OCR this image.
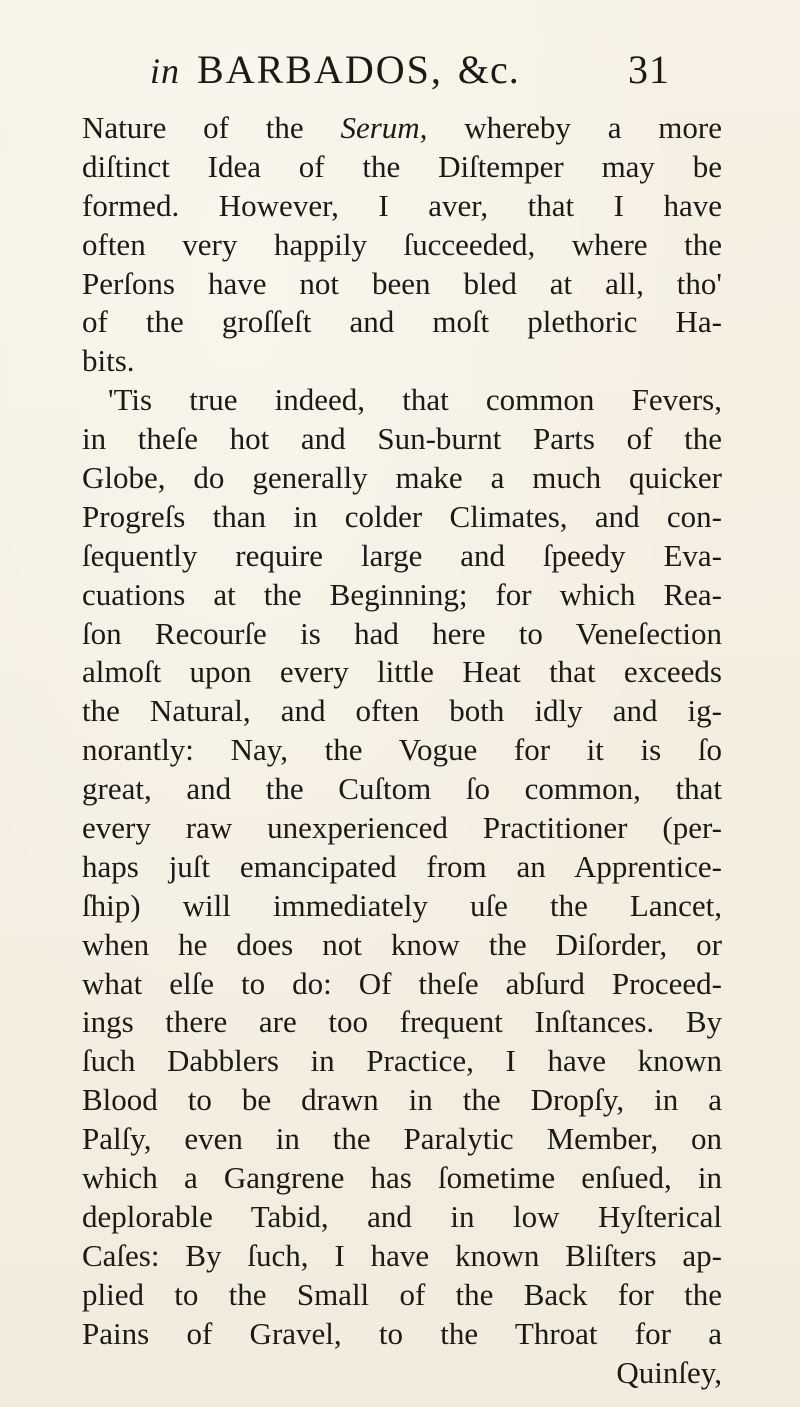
in BARBADOS, &c.	31
Nature of the Serum, whereby a more
diſtinct Idea of the Diſtemper may be
formed. However, I aver, that I have
often very happily ſucceeded, where the
Perſons have not been bled at all, tho'
of the groſſeſt and moſt plethoric Ha-
bits.
'Tis true indeed, that common Fevers,
in theſe hot and Sun-burnt Parts of the
Globe, do generally make a much quicker
Progreſs than in colder Climates, and con-
ſequently require large and ſpeedy Eva-
cuations at the Beginning; for which Rea-
ſon Recourſe is had here to Veneſection
almoſt upon every little Heat that exceeds
the Natural, and often both idly and ig-
norantly: Nay, the Vogue for it is ſo
great, and the Cuſtom ſo common, that
every raw unexperienced Practitioner (per-
haps juſt emancipated from an Apprentice-
ſhip) will immediately uſe the Lancet,
when he does not know the Diſorder, or
what elſe to do: Of theſe abſurd Proceed-
ings there are too frequent Inſtances. By
ſuch Dabblers in Practice, I have known
Blood to be drawn in the Dropſy, in a
Palſy, even in the Paralytic Member, on
which a Gangrene has ſometime enſued, in
deplorable Tabid, and in low Hyſterical
Caſes: By ſuch, I have known Bliſters ap-
plied to the Small of the Back for the
Pains of Gravel, to the Throat for a
Quinſey,
